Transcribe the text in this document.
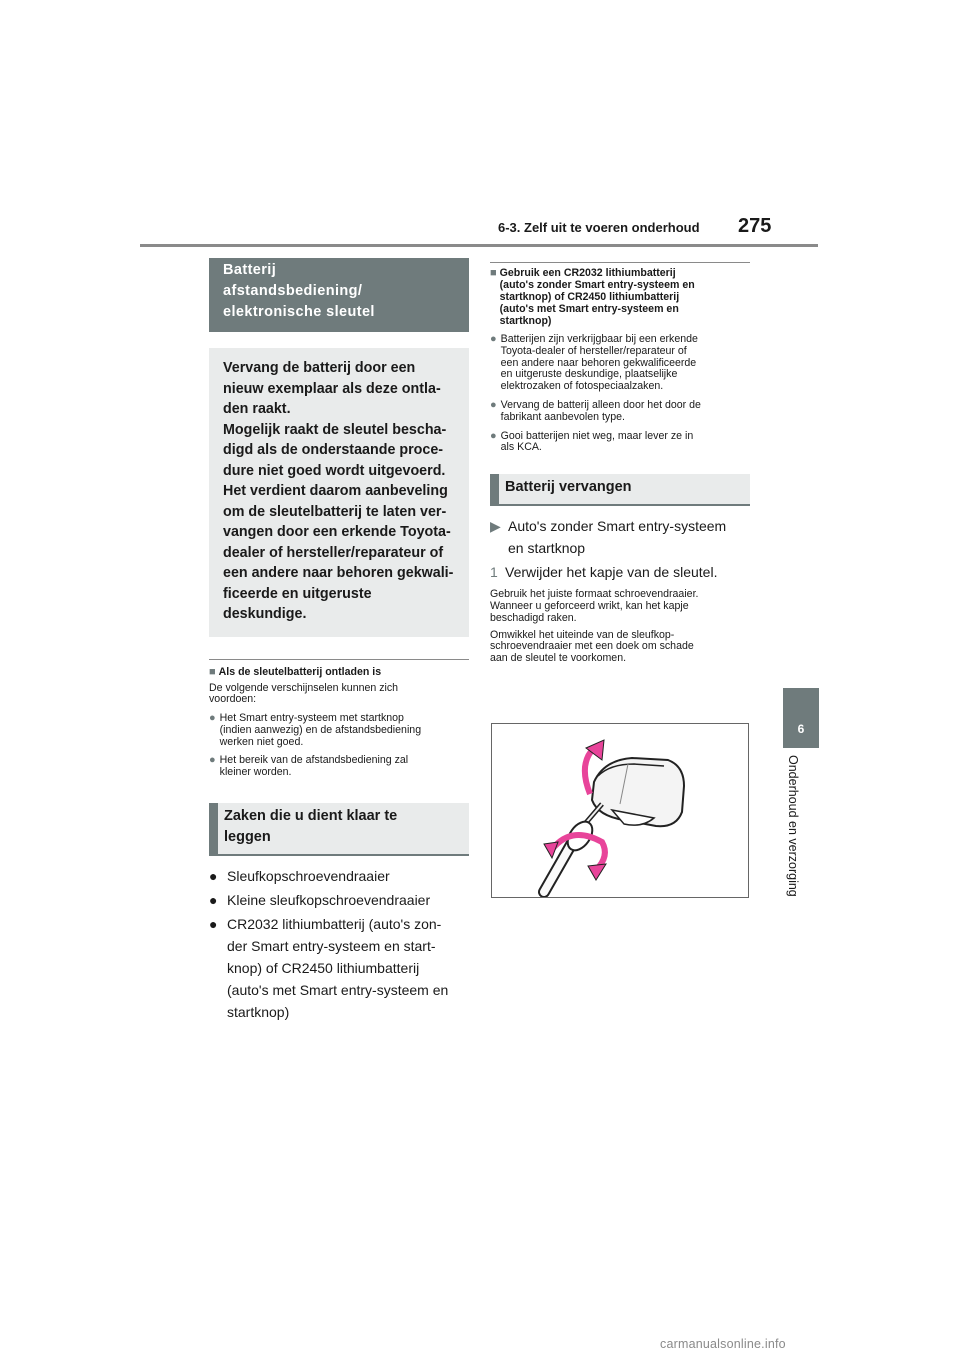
6-3. Zelf uit te voeren onderhoud 275
6
Onderhoud en verzorging
Batterij
afstandsbediening/
elektronische sleutel
Vervang de batterij door een
nieuw exemplaar als deze ontla-
den raakt.
Mogelijk raakt de sleutel bescha-
digd als de onderstaande proce-
dure niet goed wordt uitgevoerd.
Het verdient daarom aanbeveling
om de sleutelbatterij te laten ver-
vangen door een erkende Toyota-
dealer of hersteller/reparateur of
een andere naar behoren gekwali-
ficeerde en uitgeruste deskundige.
■ Als de sleutelbatterij ontladen is
De volgende verschijnselen kunnen zich
voordoen:
● Het Smart entry-systeem met startknop
(indien aanwezig) en de afstandsbediening
werken niet goed.
● Het bereik van de afstandsbediening zal
kleiner worden.
Zaken die u dient klaar te
leggen
● Sleufkopschroevendraaier
● Kleine sleufkopschroevendraaier
● CR2032 lithiumbatterij (auto's zon-
der Smart entry-systeem en start-
knop) of CR2450 lithiumbatterij
(auto's met Smart entry-systeem en
startknop)
■ Gebruik een CR2032 lithiumbatterij
(auto's zonder Smart entry-systeem en
startknop) of CR2450 lithiumbatterij
(auto's met Smart entry-systeem en
startknop)
● Batterijen zijn verkrijgbaar bij een erkende
Toyota-dealer of hersteller/reparateur of
een andere naar behoren gekwalificeerde
en uitgeruste deskundige, plaatselijke
elektrozaken of fotospeciaalzaken.
● Vervang de batterij alleen door het door de
fabrikant aanbevolen type.
● Gooi batterijen niet weg, maar lever ze in
als KCA.
Batterij vervangen
▶ Auto's zonder Smart entry-systeem
en startknop
1 Verwijder het kapje van de sleutel.
Gebruik het juiste formaat schroevendraaier.
Wanneer u geforceerd wrikt, kan het kapje
beschadigd raken.
Omwikkel het uiteinde van de sleufkop-
schroevendraaier met een doek om schade
aan de sleutel te voorkomen.
carmanualsonline.info
